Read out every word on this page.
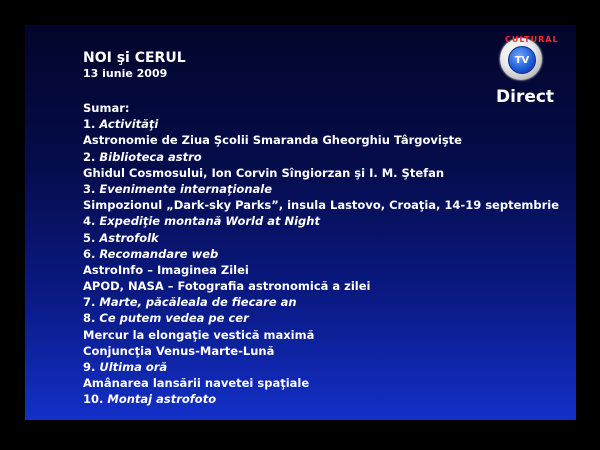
TV
CULTURAL
Direct
NOI şi CERUL
13 iunie 2009
Sumar:
1. Activităţi
Astronomie de Ziua Şcolii Smaranda Gheorghiu Târgovişte
2. Biblioteca astro
Ghidul Cosmosului, Ion Corvin Sîngiorzan şi I. M. Ştefan
3. Evenimente internaţionale
Simpozionul „Dark-sky Parks”, insula Lastovo, Croaţia, 14-19 septembrie
4. Expediţie montană World at Night
5. Astrofolk
6. Recomandare web
AstroInfo – Imaginea Zilei
APOD, NASA – Fotografia astronomică a zilei
7. Marte, păcăleala de fiecare an
8. Ce putem vedea pe cer
Mercur la elongaţie vestică maximă
Conjuncţia Venus-Marte-Lună
9. Ultima oră
Amânarea lansării navetei spaţiale
10. Montaj astrofoto
